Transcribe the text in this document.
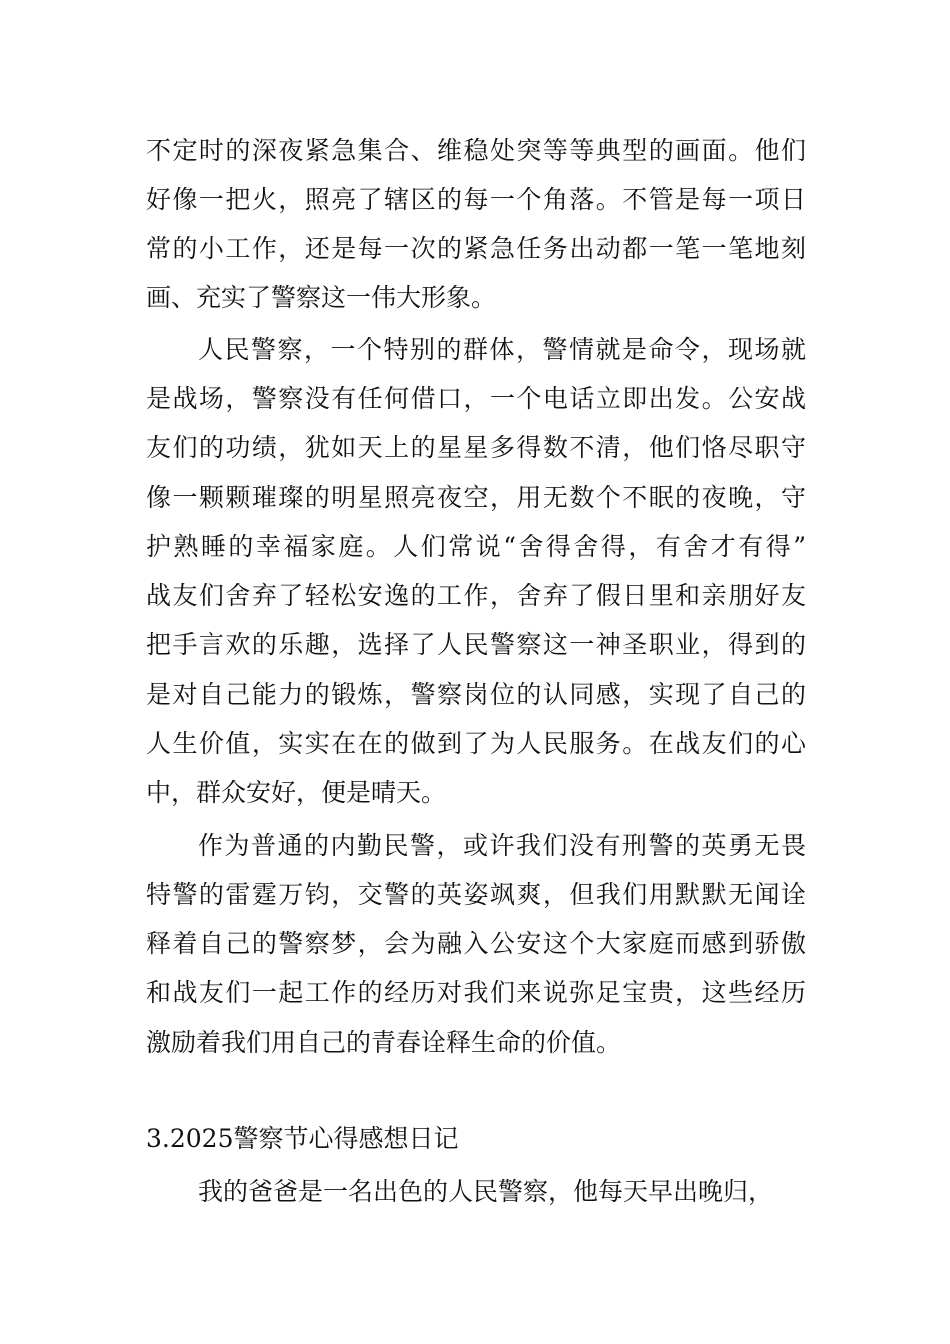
不定时的深夜紧急集合、维稳处突等等典型的画面。他们
好像一把火，照亮了辖区的每一个角落。不管是每一项日
常的小工作，还是每一次的紧急任务出动都一笔一笔地刻
画、充实了警察这一伟大形象。
人民警察，一个特别的群体，警情就是命令，现场就
是战场，警察没有任何借口，一个电话立即出发。公安战
友们的功绩，犹如天上的星星多得数不清，他们恪尽职守
像一颗颗璀璨的明星照亮夜空，用无数个不眠的夜晚，守
护熟睡的幸福家庭。人们常说“舍得舍得，有舍才有得”
战友们舍弃了轻松安逸的工作，舍弃了假日里和亲朋好友
把手言欢的乐趣，选择了人民警察这一神圣职业，得到的
是对自己能力的锻炼，警察岗位的认同感，实现了自己的
人生价值，实实在在的做到了为人民服务。在战友们的心
中，群众安好，便是晴天。
作为普通的内勤民警，或许我们没有刑警的英勇无畏
特警的雷霆万钧，交警的英姿飒爽，但我们用默默无闻诠
释着自己的警察梦，会为融入公安这个大家庭而感到骄傲
和战友们一起工作的经历对我们来说弥足宝贵，这些经历
激励着我们用自己的青春诠释生命的价值。
3.2025警察节心得感想日记
我的爸爸是一名出色的人民警察，他每天早出晚归，
